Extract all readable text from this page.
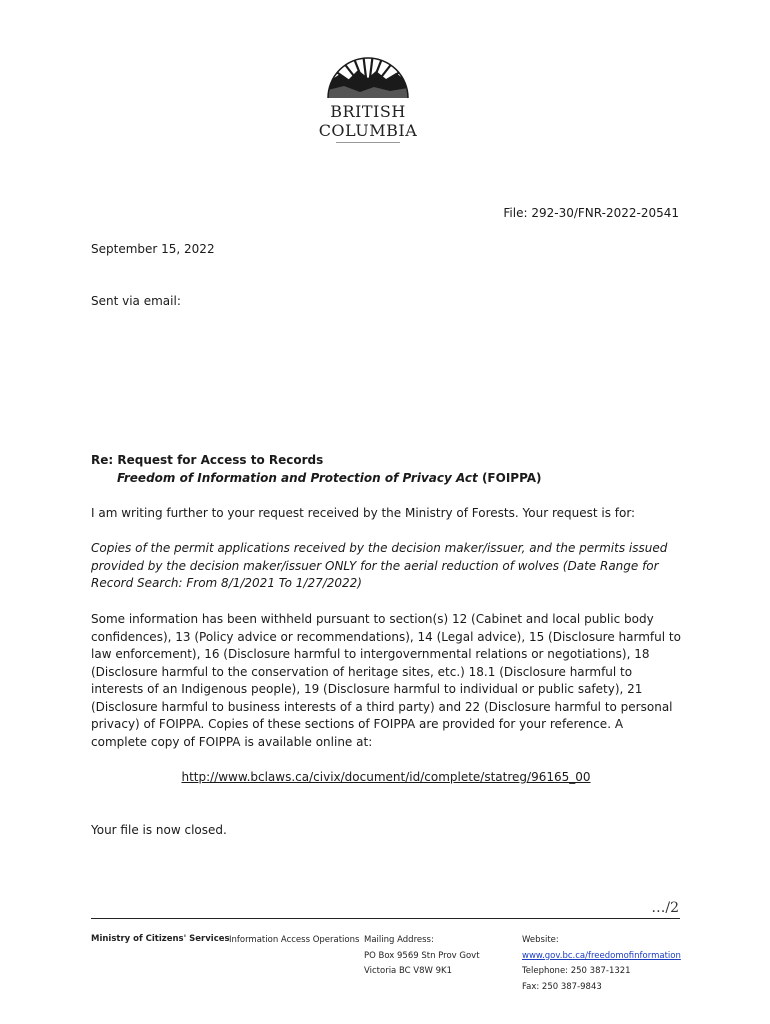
BRITISH
COLUMBIA
File: 292-30/FNR-2022-20541
September 15, 2022
Sent via email:
Re: Request for Access to Records
Freedom of Information and Protection of Privacy Act (FOIPPA)
I am writing further to your request received by the Ministry of Forests. Your request is for:
Copies of the permit applications received by the decision maker/issuer, and the permits issued provided by the decision maker/issuer ONLY for the aerial reduction of wolves (Date Range for Record Search: From 8/1/2021 To 1/27/2022)
Some information has been withheld pursuant to section(s) 12 (Cabinet and local public body confidences), 13 (Policy advice or recommendations), 14 (Legal advice), 15 (Disclosure harmful to law enforcement), 16 (Disclosure harmful to intergovernmental relations or negotiations), 18 (Disclosure harmful to the conservation of heritage sites, etc.) 18.1 (Disclosure harmful to interests of an Indigenous people), 19 (Disclosure harmful to individual or public safety), 21 (Disclosure harmful to business interests of a third party) and 22 (Disclosure harmful to personal privacy) of FOIPPA. Copies of these sections of FOIPPA are provided for your reference. A complete copy of FOIPPA is available online at:
http://www.bclaws.ca/civix/document/id/complete/statreg/96165_00
Your file is now closed.
…/2
Ministry of Citizens' Services Information Access Operations Mailing Address:
PO Box 9569 Stn Prov Govt
Victoria BC V8W 9K1
Website:
www.gov.bc.ca/freedomofinformation
Telephone: 250 387-1321
Fax: 250 387-9843
